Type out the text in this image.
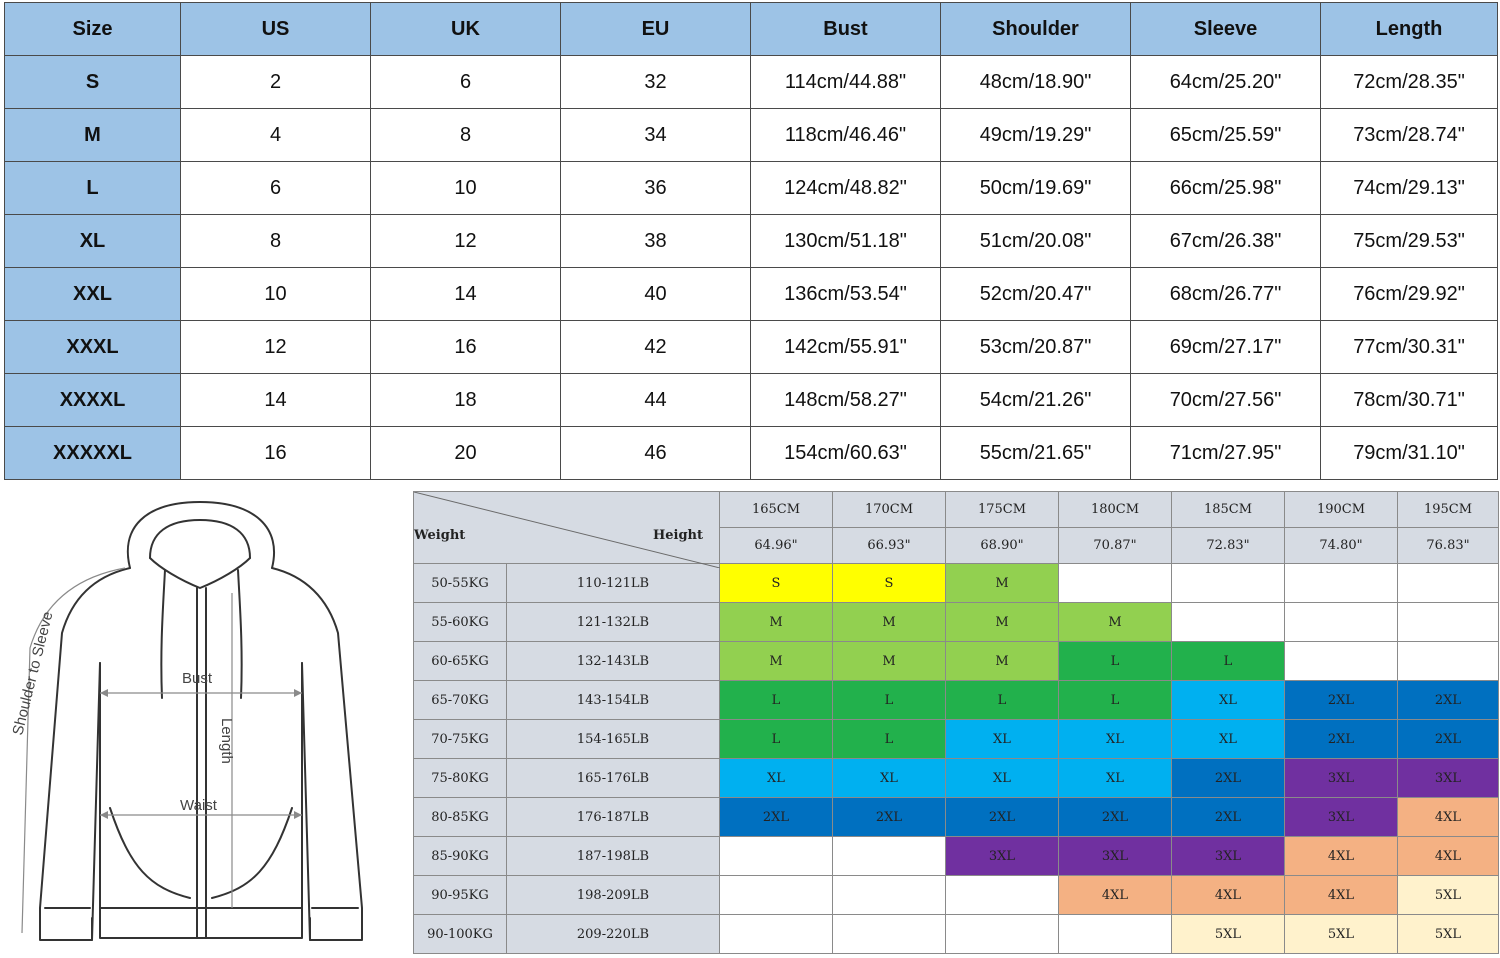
Size	US	UK	EU	Bust	Shoulder	Sleeve	Length
S	2	6	32	114cm/44.88"	48cm/18.90"	64cm/25.20"	72cm/28.35"
M	4	8	34	118cm/46.46"	49cm/19.29"	65cm/25.59"	73cm/28.74"
L	6	10	36	124cm/48.82"	50cm/19.69"	66cm/25.98"	74cm/29.13"
XL	8	12	38	130cm/51.18"	51cm/20.08"	67cm/26.38"	75cm/29.53"
XXL	10	14	40	136cm/53.54"	52cm/20.47"	68cm/26.77"	76cm/29.92"
XXXL	12	16	42	142cm/55.91"	53cm/20.87"	69cm/27.17"	77cm/30.31"
XXXXL	14	18	44	148cm/58.27"	54cm/21.26"	70cm/27.56"	78cm/30.71"
XXXXXL	16	20	46	154cm/60.63"	55cm/21.65"	71cm/27.95"	79cm/31.10"
Bust
Waist
Length
Shoulder to Sleeve
Weight Height		165CM	170CM	175CM	180CM	185CM	190CM	195CM
		64.96"	66.93"	68.90"	70.87"	72.83"	74.80"	76.83"
50-55KG	110-121LB	S	S	M				
55-60KG	121-132LB	M	M	M	M			
60-65KG	132-143LB	M	M	M	L	L		
65-70KG	143-154LB	L	L	L	L	XL	2XL	2XL
70-75KG	154-165LB	L	L	XL	XL	XL	2XL	2XL
75-80KG	165-176LB	XL	XL	XL	XL	2XL	3XL	3XL
80-85KG	176-187LB	2XL	2XL	2XL	2XL	2XL	3XL	4XL
85-90KG	187-198LB			3XL	3XL	3XL	4XL	4XL
90-95KG	198-209LB				4XL	4XL	4XL	5XL
90-100KG	209-220LB					5XL	5XL	5XL
